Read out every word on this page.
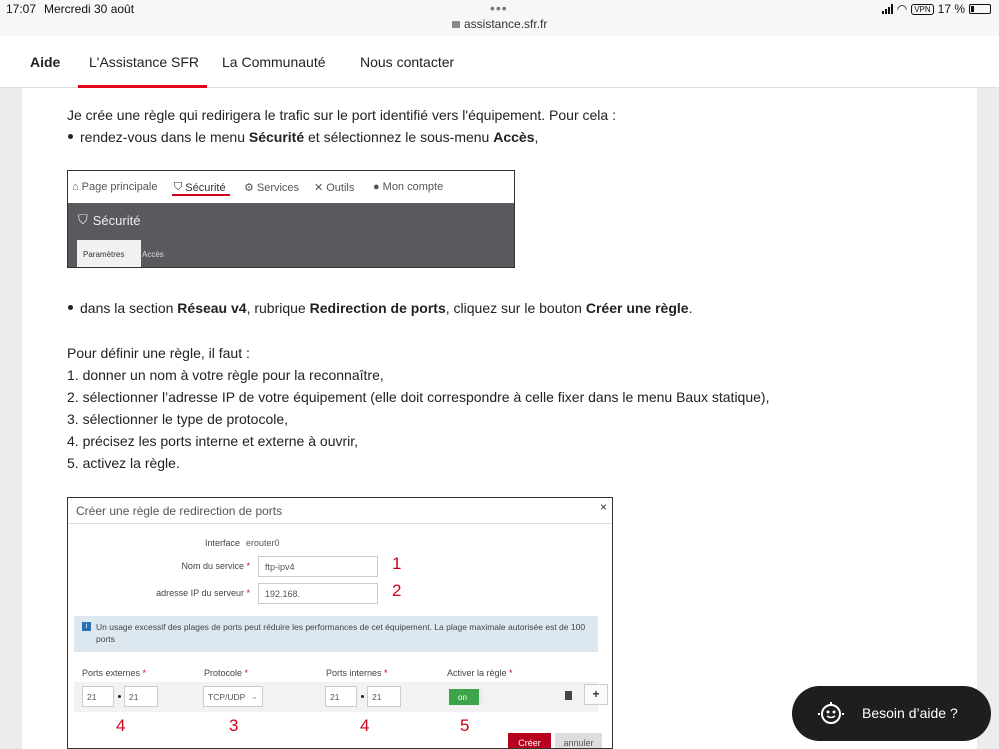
17:07 Mercredi 30 août	•••
assistance.sfr.fr
◠ VPN 17 %
Aide L'Assistance SFR La Communauté Nous contacter
Je crée une règle qui redirigera le trafic sur le port identifié vers l'équipement. Pour cela :
rendez-vous dans le menu Sécurité et sélectionnez le sous-menu Accès,
⌂ Page principale ⛉ Sécurité ⚙ Services ✕ Outils ● Mon compte
⛉ Sécurité
Paramètres	Accès
dans la section Réseau v4, rubrique Redirection de ports, cliquez sur le bouton Créer une règle.
Pour définir une règle, il faut :
1. donner un nom à votre règle pour la reconnaître,
2. sélectionner l’adresse IP de votre équipement (elle doit correspondre à celle fixer dans le menu Baux statique),
3. sélectionner le type de protocole,
4. précisez les ports interne et externe à ouvrir,
5. activez la règle.
Créer une règle de redirection de ports	×
Interface erouter0
Nom du service *	ftp-ipv4	1
adresse IP du serveur *	192.168.	2
i	Un usage excessif des plages de ports peut réduire les performances de cet équipement. La plage maximale autorisée est de 100 ports
Ports externes *	Protocole *	Ports internes *	Activer la règle *
21	21	TCP/UDP ⌄	21	21	on	+
4	3	4	5
Créer	annuler
Besoin d’aide ?
